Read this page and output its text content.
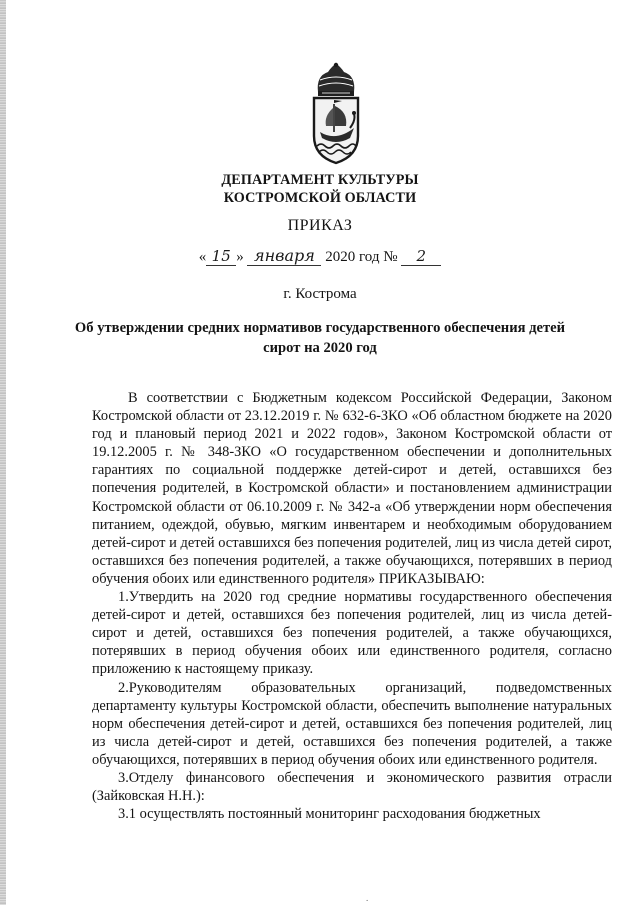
ДЕПАРТАМЕНТ КУЛЬТУРЫ
КОСТРОМСКОЙ ОБЛАСТИ
ПРИКАЗ
« 15 » января 2020 год № 2
г. Кострома
Об утверждении средних нормативов государственного обеспечения детей
сирот на 2020 год

В соответствии с Бюджетным кодексом Российской Федерации, Законом Костромской области от 23.12.2019 г. № 632-6-ЗКО «Об областном бюджете на 2020 год и плановый период 2021 и 2022 годов», Законом Костромской области от 19.12.2005 г. № 348-ЗКО «О государственном обеспечении и дополнительных гарантиях по социальной поддержке детей-сирот и детей, оставшихся без попечения родителей, в Костромской области» и постановлением администрации Костромской области от 06.10.2009 г. № 342-а «Об утверждении норм обеспечения питанием, одеждой, обувью, мягким инвентарем и необходимым оборудованием детей-сирот и детей оставшихся без попечения родителей, лиц из числа детей сирот, оставшихся без попечения родителей, а также обучающихся, потерявших в период обучения обоих или единственного родителя» ПРИКАЗЫВАЮ:

1.Утвердить на 2020 год средние нормативы государственного обеспечения детей-сирот и детей, оставшихся без попечения родителей, лиц из числа детей-сирот и детей, оставшихся без попечения родителей, а также обучающихся, потерявших в период обучения обоих или единственного родителя, согласно приложению к настоящему приказу.

2.Руководителям образовательных организаций, подведомственных департаменту культуры Костромской области, обеспечить выполнение натуральных норм обеспечения детей-сирот и детей, оставшихся без попечения родителей, лиц из числа детей-сирот и детей, оставшихся без попечения родителей, а также обучающихся, потерявших в период обучения обоих или единственного родителя.

3.Отделу финансового обеспечения и экономического развития отрасли (Зайковская Н.Н.):

3.1 осуществлять постоянный мониторинг расходования бюджетных

.
